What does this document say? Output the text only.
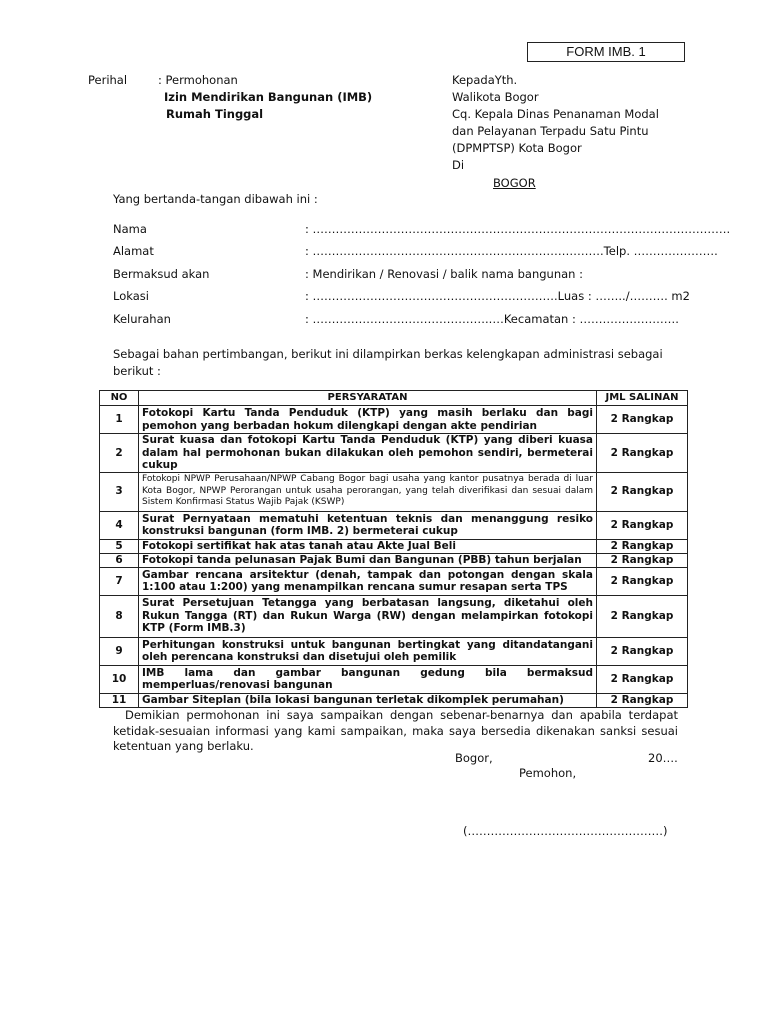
FORM IMB. 1
Perihal	: Permohonan
Izin Mendirikan Bangunan (IMB)
Rumah Tinggal
KepadaYth.
Walikota Bogor
Cq. Kepala Dinas Penanaman Modal
dan Pelayanan Terpadu Satu Pintu
(DPMPTSP) Kota Bogor
Di
BOGOR
Yang bertanda-tangan dibawah ini :
Nama	: ……………………………………………………………………………………………….
Alamat	: ………………………………………………………………….Telp. ………………….
Bermaksud akan	: Mendirikan / Renovasi / balik nama bangunan :
Lokasi	: ……………………………………………………….Luas : ……../………. m2
Kelurahan	: ………………………………………..…Kecamatan : …………….……….
Sebagai bahan pertimbangan, berikut ini dilampirkan berkas kelengkapan administrasi sebagai berikut :
NO	PERSYARATAN	JML SALINAN
1	Fotokopi Kartu Tanda Penduduk (KTP) yang masih berlaku dan bagi pemohon yang berbadan hokum dilengkapi dengan akte pendirian	2 Rangkap
2	Surat kuasa dan fotokopi Kartu Tanda Penduduk (KTP) yang diberi kuasa dalam hal permohonan bukan dilakukan oleh pemohon sendiri, bermeterai cukup	2 Rangkap
3	Fotokopi NPWP Perusahaan/NPWP Cabang Bogor bagi usaha yang kantor pusatnya berada di luar Kota Bogor, NPWP Perorangan untuk usaha perorangan, yang telah diverifikasi dan sesuai dalam Sistem Konfirmasi Status Wajib Pajak (KSWP)	2 Rangkap
4	Surat Pernyataan mematuhi ketentuan teknis dan menanggung resiko konstruksi bangunan (form IMB. 2) bermeterai cukup	2 Rangkap
5	Fotokopi sertifikat hak atas tanah atau Akte Jual Beli	2 Rangkap
6	Fotokopi tanda pelunasan Pajak Bumi dan Bangunan (PBB) tahun berjalan	2 Rangkap
7	Gambar rencana arsitektur (denah, tampak dan potongan dengan skala 1:100 atau 1:200) yang menampilkan rencana sumur resapan serta TPS	2 Rangkap
8	Surat Persetujuan Tetangga yang berbatasan langsung, diketahui oleh Rukun Tangga (RT) dan Rukun Warga (RW) dengan melampirkan fotokopi KTP (Form IMB.3)	2 Rangkap
9	Perhitungan konstruksi untuk bangunan bertingkat yang ditandatangani oleh perencana konstruksi dan disetujui oleh pemilik	2 Rangkap
10	IMB lama dan gambar bangunan gedung bila bermaksud memperluas/renovasi bangunan	2 Rangkap
11	Gambar Siteplan (bila lokasi bangunan terletak dikomplek perumahan)	2 Rangkap
Demikian permohonan ini saya sampaikan dengan sebenar-benarnya dan apabila terdapat ketidak-sesuaian informasi yang kami sampaikan, maka saya bersedia dikenakan sanksi sesuai ketentuan yang berlaku.
Bogor,	20….
Pemohon,
(……………………………………………)
